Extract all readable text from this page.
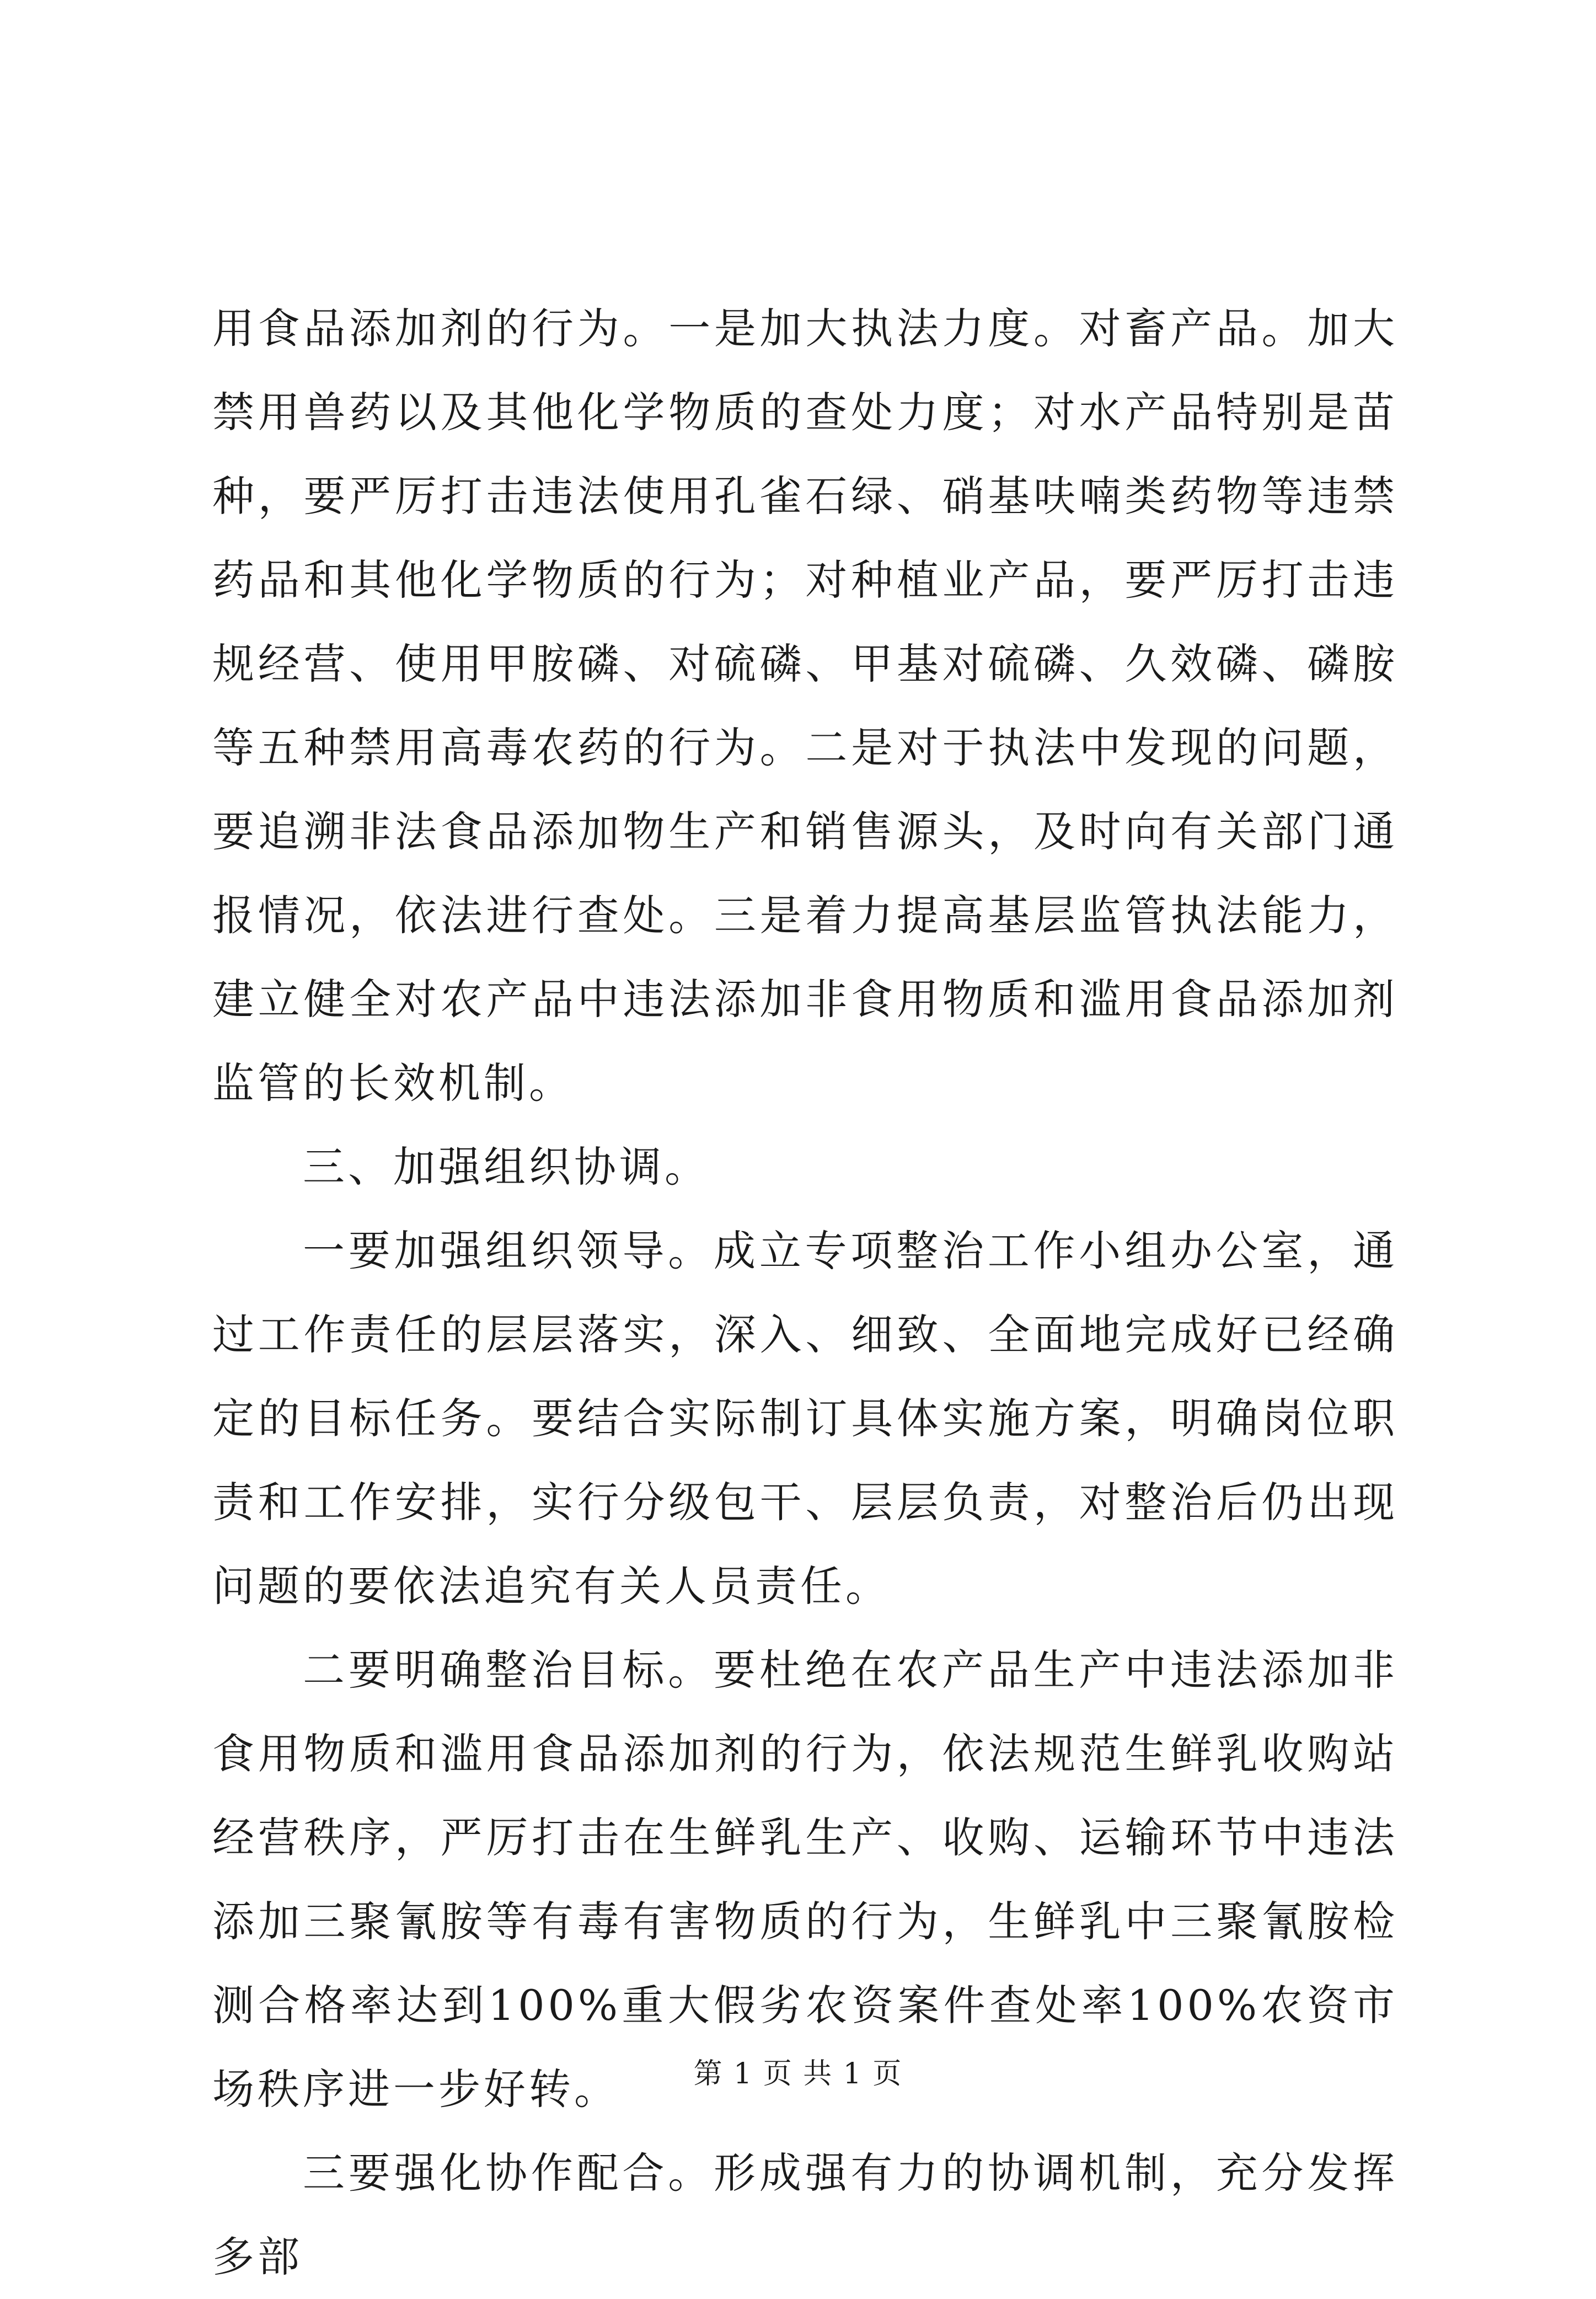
用食品添加剂的行为。一是加大执法力度。对畜产品。加大禁用兽药以及其他化学物质的查处力度；对水产品特别是苗种，要严厉打击违法使用孔雀石绿、硝基呋喃类药物等违禁药品和其他化学物质的行为；对种植业产品，要严厉打击违规经营、使用甲胺磷、对硫磷、甲基对硫磷、久效磷、磷胺等五种禁用高毒农药的行为。二是对于执法中发现的问题，要追溯非法食品添加物生产和销售源头，及时向有关部门通报情况，依法进行查处。三是着力提高基层监管执法能力，建立健全对农产品中违法添加非食用物质和滥用食品添加剂监管的长效机制。

三、加强组织协调。

一要加强组织领导。成立专项整治工作小组办公室，通过工作责任的层层落实，深入、细致、全面地完成好已经确定的目标任务。要结合实际制订具体实施方案，明确岗位职责和工作安排，实行分级包干、层层负责，对整治后仍出现问题的要依法追究有关人员责任。

二要明确整治目标。要杜绝在农产品生产中违法添加非食用物质和滥用食品添加剂的行为，依法规范生鲜乳收购站经营秩序，严厉打击在生鲜乳生产、收购、运输环节中违法添加三聚氰胺等有毒有害物质的行为，生鲜乳中三聚氰胺检测合格率达到100%重大假劣农资案件查处率100%农资市场秩序进一步好转。

三要强化协作配合。形成强有力的协调机制，充分发挥多部

第 1 页 共 1 页
